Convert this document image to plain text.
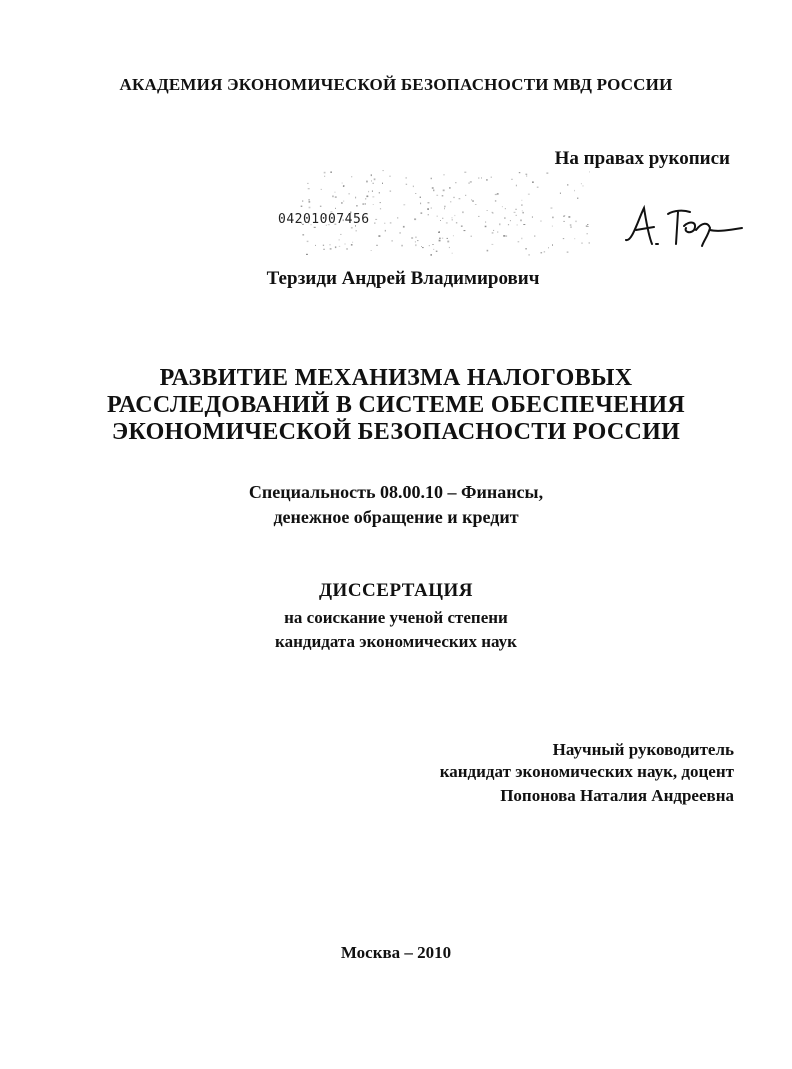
АКАДЕМИЯ ЭКОНОМИЧЕСКОЙ БЕЗОПАСНОСТИ МВД РОССИИ
На правах рукописи
04201007456
Терзиди Андрей Владимирович
РАЗВИТИЕ МЕХАНИЗМА НАЛОГОВЫХ
РАССЛЕДОВАНИЙ В СИСТЕМЕ ОБЕСПЕЧЕНИЯ
ЭКОНОМИЧЕСКОЙ БЕЗОПАСНОСТИ РОССИИ
Специальность 08.00.10 – Финансы,
денежное обращение и кредит
ДИССЕРТАЦИЯ
на соискание ученой степени
кандидата экономических наук
Научный руководитель
кандидат экономических наук, доцент
Попонова Наталия Андреевна
Москва – 2010
